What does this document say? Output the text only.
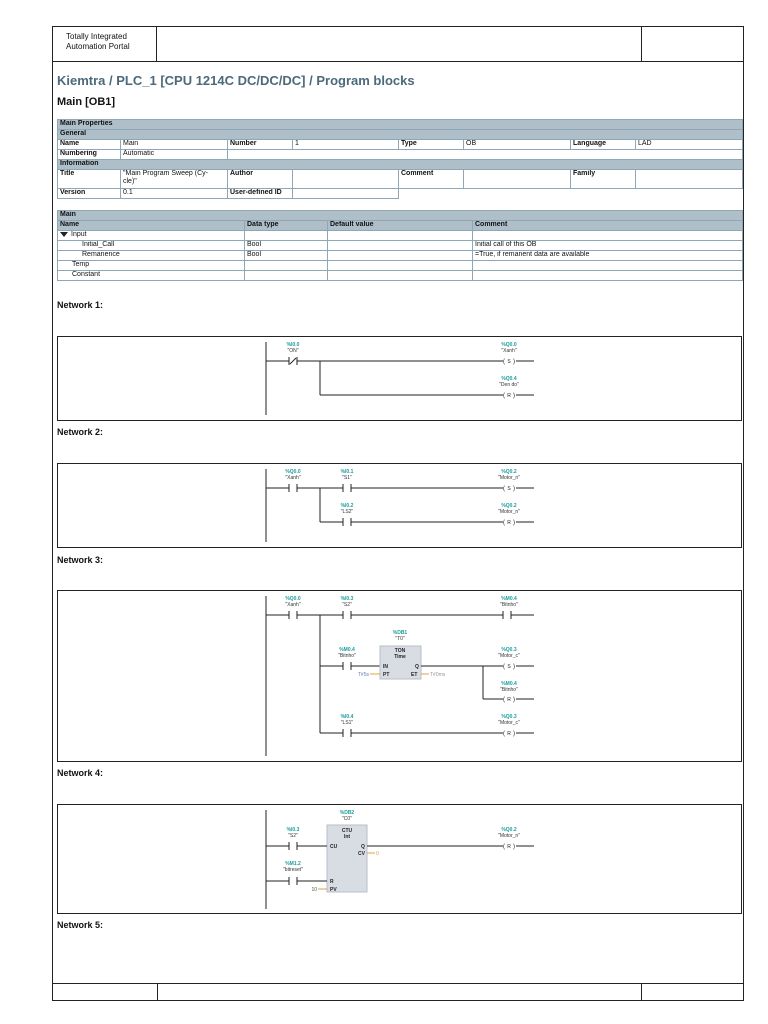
Totally Integrated
Automation Portal
Kiemtra / PLC_1 [CPU 1214C DC/DC/DC] / Program blocks
Main [OB1]
Main Properties							
General							
Name	Main	Number	1	Type	OB	Language	LAD
Numbering	Automatic						
Information							
Title	"Main Program Sweep (Cy-
cle)"	Author		Comment		Family	
Version	0.1	User-defined ID					
Main			
Name	Data type	Default value	Comment
Input			
Initial_Call	Bool		Initial call of this OB
Remanence	Bool		=True, if remanent data are available
Temp			
Constant			
Network 1:
%I0.0
"ON"
%Q0.0
"Xanh"
( S )
%Q0.4
"Den do"
( R )
Network 2:
%Q0.0
"Xanh"
%I0.1
"S1"
%I0.2
"LS2"
%Q0.2
"Motor_n"
( S )
%Q0.2
"Motor_n"
( R )
Network 3:
%Q0.0
"Xanh"
%I0.3
"S2"
%M0.4
"Bitnho"
%M0.4
"Bitnho"
%DB1
"T0"
TON
Time
IN	Q
PT	ET
T#5s	T#0ms
%Q0.3
"Motor_c"
( S )
%M0.4
"Bitnho"
( R )
%I0.4
"LS1"
%Q0.3
"Motor_c"
( R )
Network 4:
%DB2
"C0"
CTU
Int
%I0.3
"S2"
CU	Q
CV 0
%Q0.2
"Motor_n"
( R )
%M1.2
"bitreset"
R
PV
10
Network 5:
